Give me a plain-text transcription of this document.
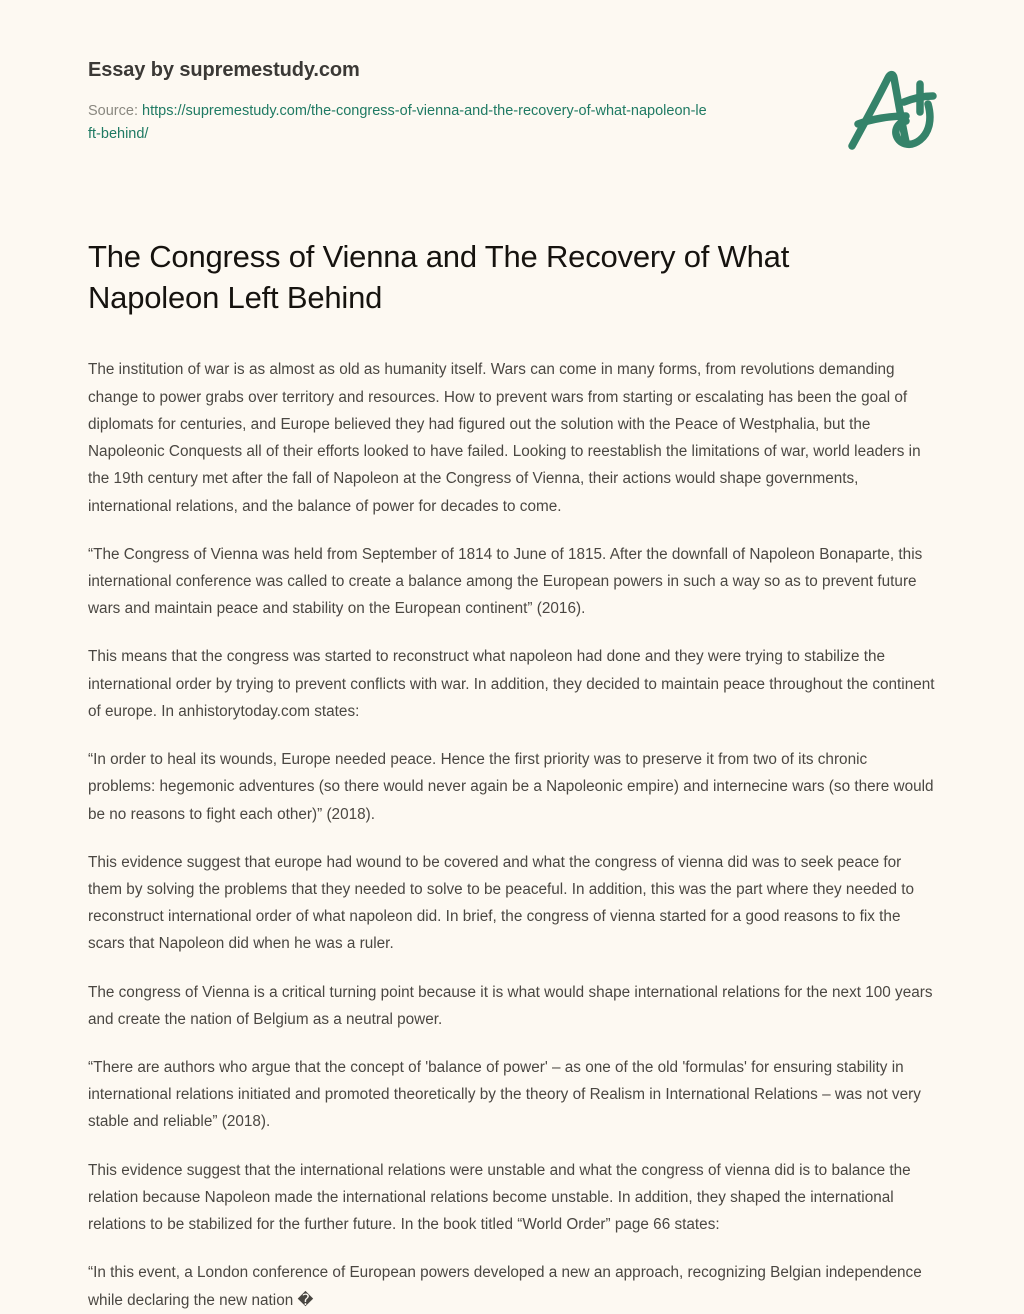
Essay by supremestudy.com
Source: https://supremestudy.com/the-congress-of-vienna-and-the-recovery-of-what-napoleon-left-behind/
The Congress of Vienna and The Recovery of What Napoleon Left Behind

The institution of war is as almost as old as humanity itself. Wars can come in many forms, from revolutions demanding change to power grabs over territory and resources. How to prevent wars from starting or escalating has been the goal of diplomats for centuries, and Europe believed they had figured out the solution with the Peace of Westphalia, but the Napoleonic Conquests all of their efforts looked to have failed. Looking to reestablish the limitations of war, world leaders in the 19th century met after the fall of Napoleon at the Congress of Vienna, their actions would shape governments, international relations, and the balance of power for decades to come.

“The Congress of Vienna was held from September of 1814 to June of 1815. After the downfall of Napoleon Bonaparte, this international conference was called to create a balance among the European powers in such a way so as to prevent future wars and maintain peace and stability on the European continent” (2016).

This means that the congress was started to reconstruct what napoleon had done and they were trying to stabilize the international order by trying to prevent conflicts with war. In addition, they decided to maintain peace throughout the continent of europe. In anhistorytoday.com states:

“In order to heal its wounds, Europe needed peace. Hence the first priority was to preserve it from two of its chronic problems: hegemonic adventures (so there would never again be a Napoleonic empire) and internecine wars (so there would be no reasons to fight each other)” (2018).

This evidence suggest that europe had wound to be covered and what the congress of vienna did was to seek peace for them by solving the problems that they needed to solve to be peaceful. In addition, this was the part where they needed to reconstruct international order of what napoleon did. In brief, the congress of vienna started for a good reasons to fix the scars that Napoleon did when he was a ruler.

The congress of Vienna is a critical turning point because it is what would shape international relations for the next 100 years and create the nation of Belgium as a neutral power.

“There are authors who argue that the concept of 'balance of power' – as one of the old 'formulas' for ensuring stability in international relations initiated and promoted theoretically by the theory of Realism in International Relations – was not very stable and reliable” (2018).

This evidence suggest that the international relations were unstable and what the congress of vienna did is to balance the relation because Napoleon made the international relations become unstable. In addition, they shaped the international relations to be stabilized for the further future. In the book titled “World Order” page 66 states:

“In this event, a London conference of European powers developed a new an approach, recognizing Belgian independence while declaring the new nation �
